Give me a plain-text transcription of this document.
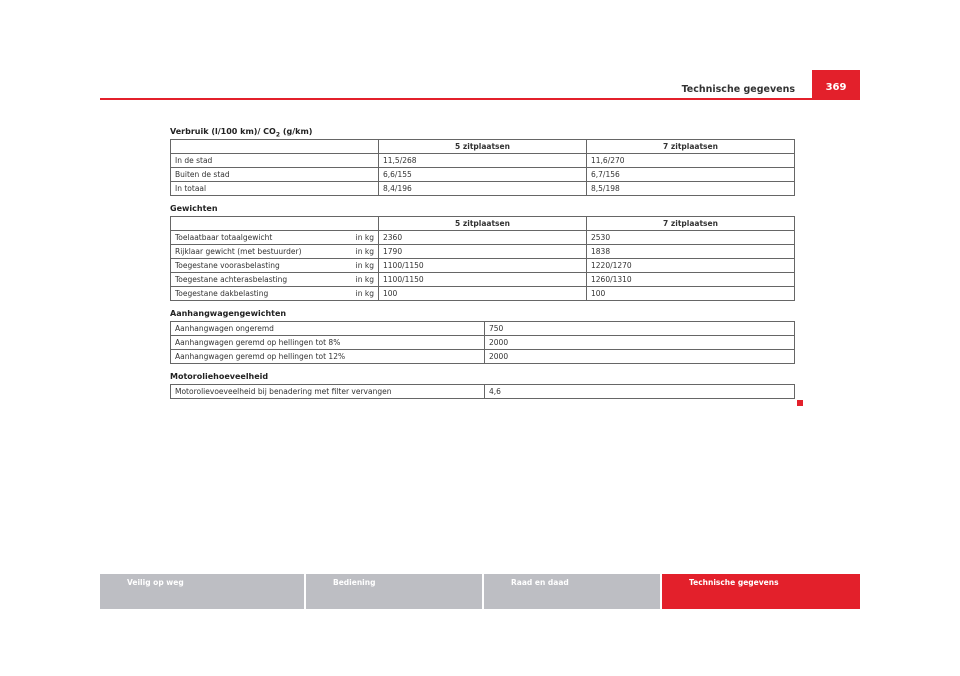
Technische gegevens	369
Verbruik (l/100 km)/ $CO_2$ (g/km)
	5 zitplaatsen	7 zitplaatsen
In de stad	11,5/268	11,6/270
Buiten de stad	6,6/155	6,7/156
In totaal	8,4/196	8,5/198
Gewichten
	5 zitplaatsen	7 zitplaatsen

Toelaatbaar totaalgewicht in kg	2360	2530

Rijklaar gewicht (met bestuurder) in kg	1790	1838

Toegestane voorasbelasting in kg	1100/1150	1220/1270

Toegestane achterasbelasting in kg	1100/1150	1260/1310

Toegestane dakbelasting in kg	100	100
Aanhangwagengewichten
Aanhangwagen ongeremd	750
Aanhangwagen geremd op hellingen tot 8%	2000
Aanhangwagen geremd op hellingen tot 12%	2000
Motoroliehoeveelheid
Motorolievoeveelheid bij benadering met filter vervangen	4,6
Veilig op weg	Bediening	Raad en daad	Technische gegevens
